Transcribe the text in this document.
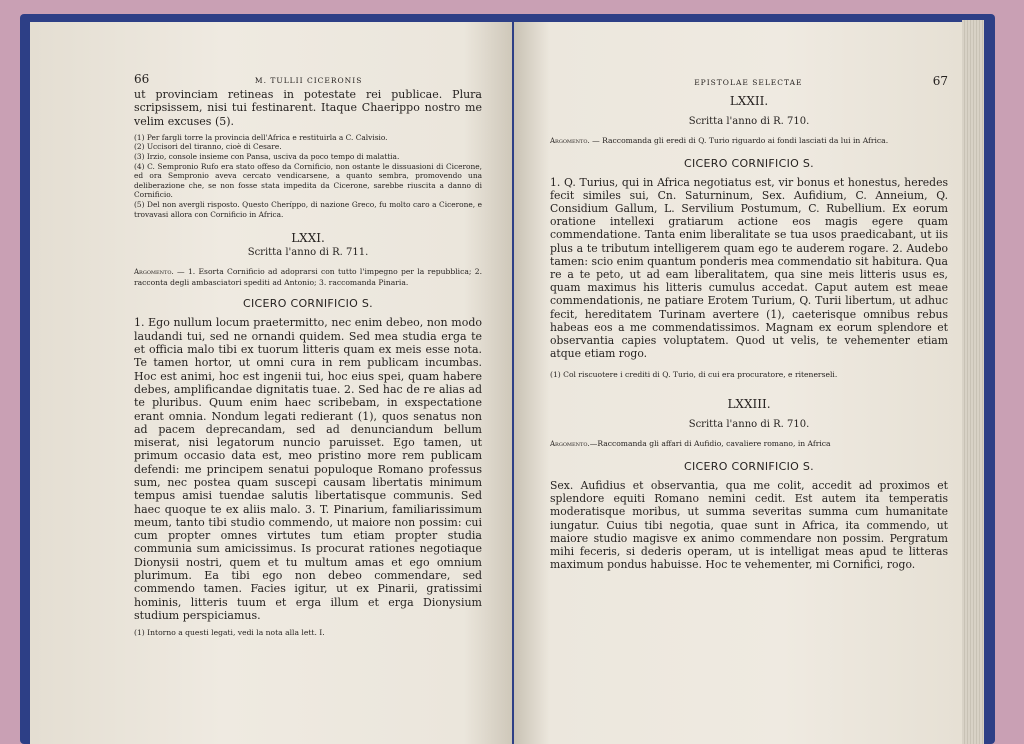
66	M. TULLII CICERONIS

ut provinciam retineas in potestate rei publicae. Plura scripsissem, nisi tui festinarent. Itaque Chaerippo nostro me velim excuses (5).

(1) Per fargli torre la provincia dell'Africa e restituirla a C. Calvisio.

(2) Uccisori del tiranno, cioè di Cesare.

(3) Irzio, console insieme con Pansa, uscivа da poco tempo di malattia.

(4) C. Sempronio Rufo era stato offeso da Cornificio, non ostante le dissuasioni di Cicerone, ed ora Sempronio aveva cercato vendicarsene, a quanto sembra, promovendo una deliberazione che, se non fosse stata impedita da Cicerone, sarebbe riuscita a danno di Cornificio.

(5) Del non avergli risposto. Questo Cheríppo, di nazione Greco, fu molto caro a Cicerone, e trovavasi allora con Cornificio in Africa.

LXXI.
Scritta l'anno di R. 711.

Argomento. — 1. Esorta Cornificio ad adoprarsi con tutto l'impegno per la repubblica; 2. racconta degli ambasciatori spediti ad Antonio; 3. raccomanda Pinaria.

CICERO CORNIFICIO S.

1. Ego nullum locum praetermitto, nec enim debeo, non modo laudandi tui, sed ne ornandi quidem. Sed mea studia erga te et officia malo tibi ex tuorum litteris quam ex meis esse nota. Te tamen hortor, ut omni cura in rem publicam incumbas. Hoc est animi, hoc est ingenii tui, hoc eius spei, quam habere debes, amplificandae dignitatis tuae. 2. Sed hac de re alias ad te pluribus. Quum enim haec scribebam, in exspectatione erant omnia. Nondum legati redierant (1), quos senatus non ad pacem deprecandam, sed ad denunciandum bellum miserat, nisi legatorum nuncio paruisset. Ego tamen, ut primum occasio data est, meo pristino more rem publicam defendi: me principem senatui populoque Romano professus sum, nec postea quam suscepi causam libertatis minimum tempus amisi tuendae salutis libertatisque communis. Sed haec quoque te ex aliis malo. 3. T. Pinarium, familiarissimum meum, tanto tibi studio commendo, ut maiore non possim: cui cum propter omnes virtutes tum etiam propter studia communia sum amicissimus. Is procurat rationes negotiaque Dionysii nostri, quem et tu multum amas et ego omnium plurimum. Ea tibi ego non debeo commendare, sed commendo tamen. Facies igitur, ut ex Pinarii, gratissimi hominis, litteris tuum et erga illum et erga Dionysium studium perspiciamus.

(1) Intorno a questi legati, vedi la nota alla lett. I.

EPISTOLAE SELECTAE	67
LXXII.
Scritta l'anno di R. 710.

Argomento. — Raccomanda gli eredi di Q. Turio riguardo ai fondi lasciati da lui in Africa.

CICERO CORNIFICIO S.

1. Q. Turius, qui in Africa negotiatus est, vir bonus et honestus, heredes fecit similes sui, Cn. Saturninum, Sex. Aufidium, C. Anneium, Q. Considium Gallum, L. Servilium Postumum, C. Rubellium. Ex eorum oratione intellexi gratiarum actione eos magis egere quam commendatione. Tanta enim liberalitate se tua usos praedicabant, ut iis plus a te tributum intelligerem quam ego te auderem rogare. 2. Audebo tamen: scio enim quantum ponderis mea commendatio sit habitura. Qua re a te peto, ut ad eam liberalitatem, qua sine meis litteris usus es, quam maximus his litteris cumulus accedat. Caput autem est meae commendationis, ne patiare Erotem Turium, Q. Turii libertum, ut adhuc fecit, hereditatem Turinam avertere (1), caeterisque omnibus rebus habeas eos a me commendatissimos. Magnam ex eorum splendore et observantia capies voluptatem. Quod ut velis, te vehementer etiam atque etiam rogo.

(1) Col riscuotere i crediti di Q. Turio, di cui era procuratore, e ritenerseli.

LXXIII.
Scritta l'anno di R. 710.

Argomento.—Raccomanda gli affari di Aufidio, cavaliere romano, in Africa

CICERO CORNIFICIO S.

Sex. Aufidius et observantia, qua me colit, accedit ad proximos et splendore equiti Romano nemini cedit. Est autem ita temperatis moderatisque moribus, ut summa severitas summa cum humanitate iungatur. Cuius tibi negotia, quae sunt in Africa, ita commendo, ut maiore studio magisve ex animo commendare non possim. Pergratum mihi feceris, si dederis operam, ut is intelligat meas apud te litteras maximum pondus habuisse. Hoc te vehementer, mi Cornifici, rogo.
